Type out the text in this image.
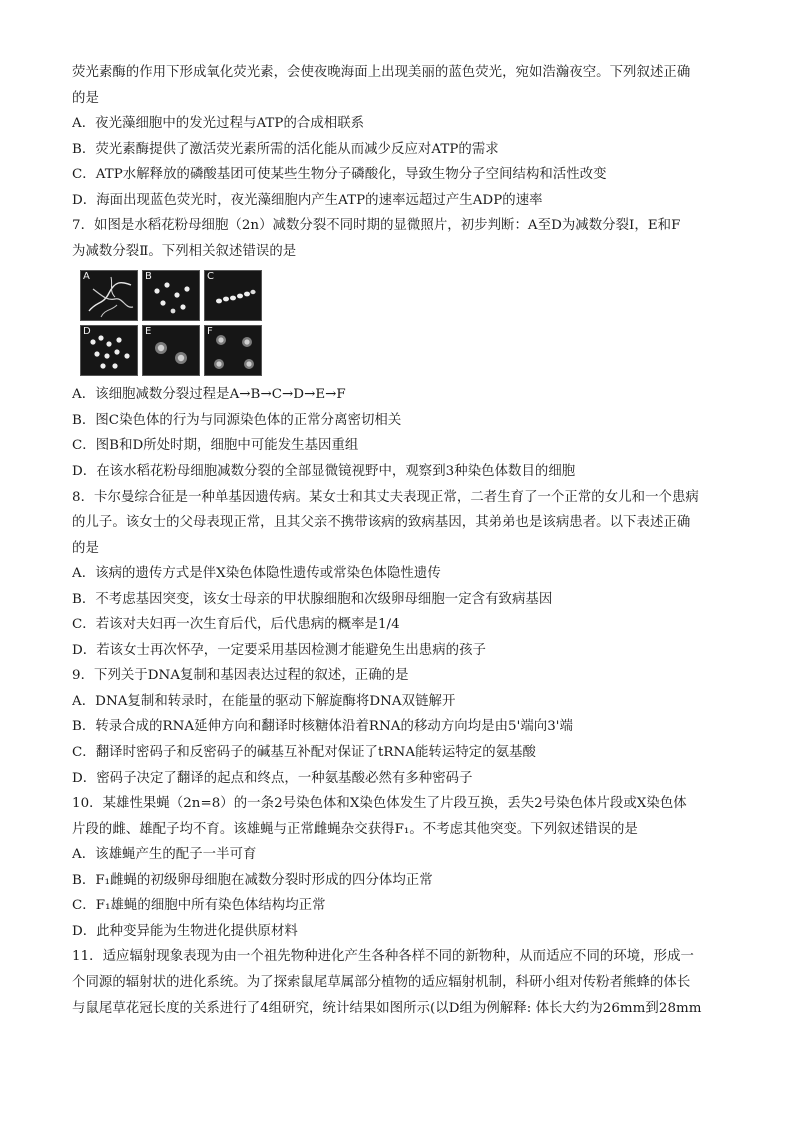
荧光素酶的作用下形成氧化荧光素，会使夜晚海面上出现美丽的蓝色荧光，宛如浩瀚夜空。下列叙述正确
的是
A．夜光藻细胞中的发光过程与ATP的合成相联系
B．荧光素酶提供了激活荧光素所需的活化能从而减少反应对ATP的需求
C．ATP水解释放的磷酸基团可使某些生物分子磷酸化，导致生物分子空间结构和活性改变
D．海面出现蓝色荧光时，夜光藻细胞内产生ATP的速率远超过产生ADP的速率
7．如图是水稻花粉母细胞（2n）减数分裂不同时期的显微照片，初步判断：A至D为减数分裂Ⅰ，E和F
为减数分裂Ⅱ。下列相关叙述错误的是
A	B	C
D	E	F
A．该细胞减数分裂过程是A→B→C→D→E→F
B．图C染色体的行为与同源染色体的正常分离密切相关
C．图B和D所处时期，细胞中可能发生基因重组
D．在该水稻花粉母细胞减数分裂的全部显微镜视野中，观察到3种染色体数目的细胞
8．卡尔曼综合征是一种单基因遗传病。某女士和其丈夫表现正常，二者生育了一个正常的女儿和一个患病
的儿子。该女士的父母表现正常，且其父亲不携带该病的致病基因，其弟弟也是该病患者。以下表述正确
的是
A．该病的遗传方式是伴X染色体隐性遗传或常染色体隐性遗传
B．不考虑基因突变，该女士母亲的甲状腺细胞和次级卵母细胞一定含有致病基因
C．若该对夫妇再一次生育后代，后代患病的概率是1/4
D．若该女士再次怀孕，一定要采用基因检测才能避免生出患病的孩子
9．下列关于DNA复制和基因表达过程的叙述，正确的是
A．DNA复制和转录时，在能量的驱动下解旋酶将DNA双链解开
B．转录合成的RNA延伸方向和翻译时核糖体沿着RNA的移动方向均是由5'端向3'端
C．翻译时密码子和反密码子的碱基互补配对保证了tRNA能转运特定的氨基酸
D．密码子决定了翻译的起点和终点，一种氨基酸必然有多种密码子
10．某雄性果蝇（2n=8）的一条2号染色体和X染色体发生了片段互换，丢失2号染色体片段或X染色体
片段的雌、雄配子均不育。该雄蝇与正常雌蝇杂交获得F₁。不考虑其他突变。下列叙述错误的是
A．该雄蝇产生的配子一半可育
B．F₁雌蝇的初级卵母细胞在减数分裂时形成的四分体均正常
C．F₁雄蝇的细胞中所有染色体结构均正常
D．此种变异能为生物进化提供原材料
11．适应辐射现象表现为由一个祖先物种进化产生各种各样不同的新物种，从而适应不同的环境，形成一
个同源的辐射状的进化系统。为了探索鼠尾草属部分植物的适应辐射机制，科研小组对传粉者熊蜂的体长
与鼠尾草花冠长度的关系进行了4组研究，统计结果如图所示(以D组为例解释: 体长大约为26mm到28mm
